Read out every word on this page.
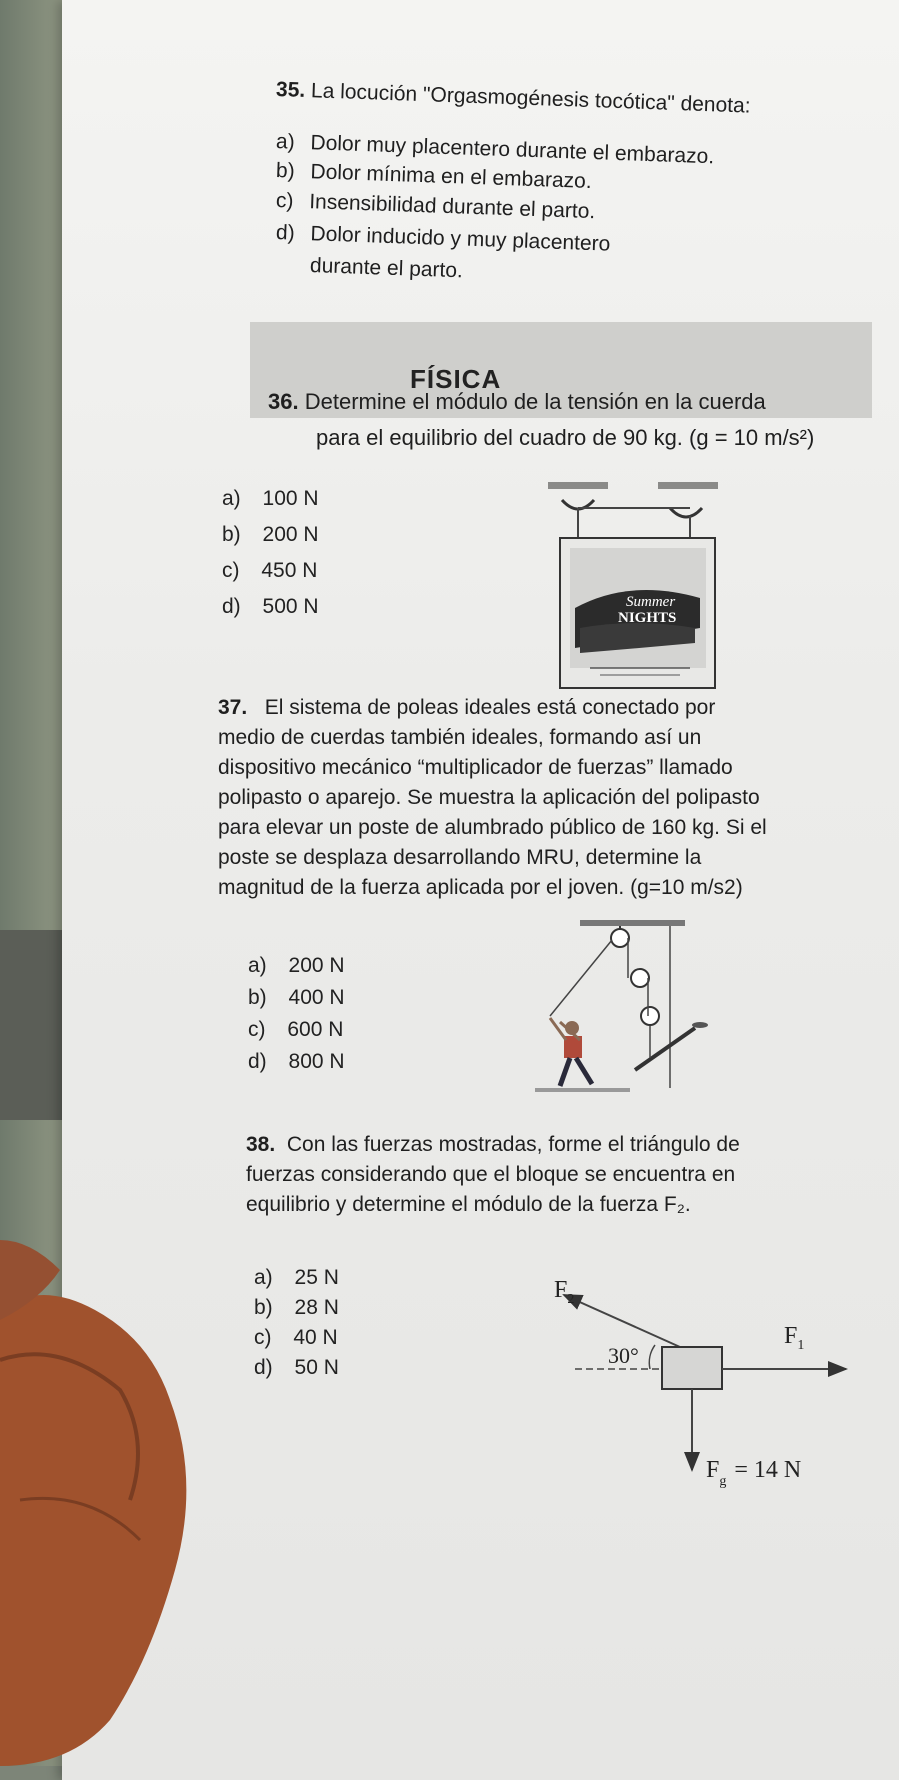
35. La locución "Orgasmogénesis tocótica" denota:
a) Dolor muy placentero durante el embarazo.
b) Dolor mínima en el embarazo.
c) Insensibilidad durante el parto.
d) Dolor inducido y muy placentero
durante el parto.
FÍSICA
36. Determine el módulo de la tensión en la cuerda
para el equilibrio del cuadro de 90 kg. (g = 10 m/s²)
a) 100 N
b) 200 N
c) 450 N
d) 500 N	Summer
NIGHTS
37. El sistema de poleas ideales está conectado por
medio de cuerdas también ideales, formando así un
dispositivo mecánico “multiplicador de fuerzas” llamado
polipasto o aparejo. Se muestra la aplicación del polipasto
para elevar un poste de alumbrado público de 160 kg. Si el
poste se desplaza desarrollando MRU, determine la
magnitud de la fuerza aplicada por el joven. (g=10 m/s2)
a) 200 N
b) 400 N
c) 600 N
d) 800 N
38. Con las fuerzas mostradas, forme el triángulo de
fuerzas considerando que el bloque se encuentra en
equilibrio y determine el módulo de la fuerza F₂.
a) 25 N
b) 28 N
c) 40 N
d) 50 N
$F_2$
30°
$F_1$
$F_g = 14$ N
